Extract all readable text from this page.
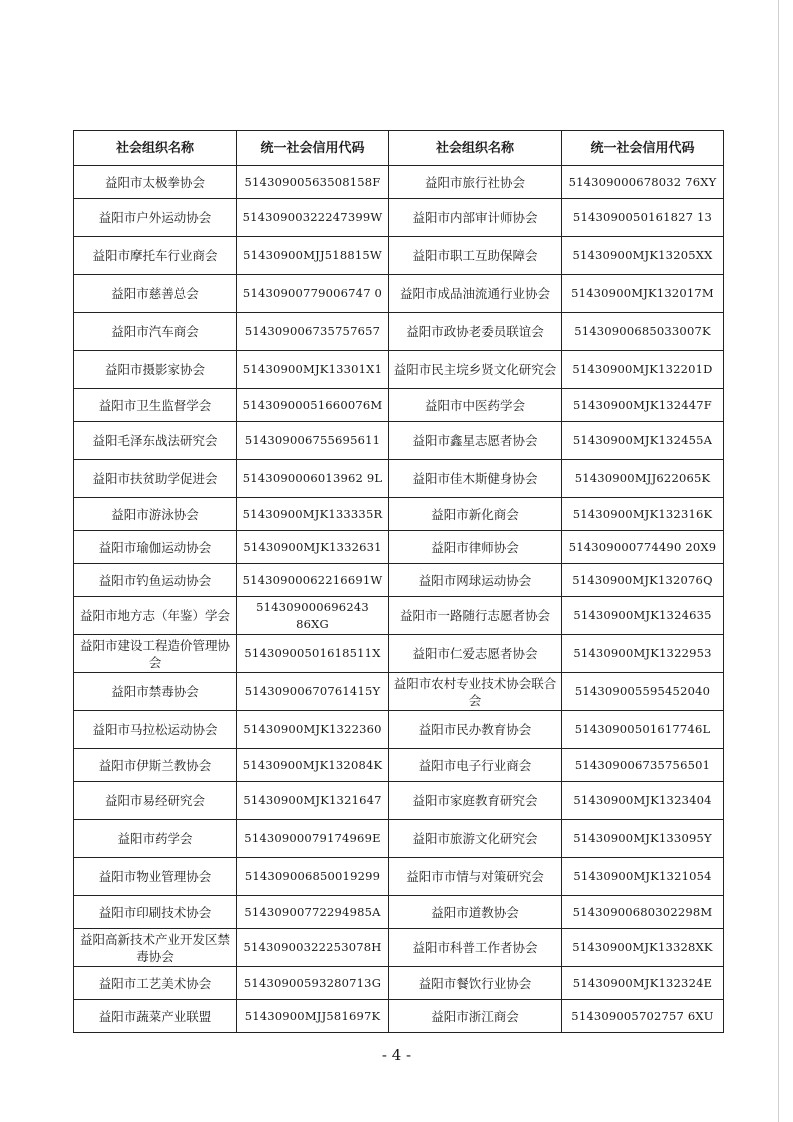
社会组织名称	统一社会信用代码	社会组织名称	统一社会信用代码
益阳市太极拳协会	51430900563508158F	益阳市旅行社协会	514309000678032 76XY
益阳市户外运动协会	51430900322247399W	益阳市内部审计师协会	5143090050161827 13
益阳市摩托车行业商会	51430900MJJ518815W	益阳市职工互助保障会	51430900MJK13205XX
益阳市慈善总会	51430900779006747 0	益阳市成品油流通行业协会	51430900MJK132017M
益阳市汽车商会	514309006735757657	益阳市政协老委员联谊会	51430900685033007K
益阳市摄影家协会	51430900MJK13301X1	益阳市民主垸乡贤文化研究会	51430900MJK132201D
益阳市卫生监督学会	51430900051660076M	益阳市中医药学会	51430900MJK132447F
益阳毛泽东战法研究会	514309006755695611	益阳市鑫星志愿者协会	51430900MJK132455A
益阳市扶贫助学促进会	5143090006013962 9L	益阳市佳木斯健身协会	51430900MJJ622065K
益阳市游泳协会	51430900MJK133335R	益阳市新化商会	51430900MJK132316K
益阳市瑜伽运动协会	51430900MJK1332631	益阳市律师协会	514309000774490 20X9
益阳市钓鱼运动协会	51430900062216691W	益阳市网球运动协会	51430900MJK132076Q
益阳市地方志（年鉴）学会	514309000696243 86XG	益阳市一路随行志愿者协会	51430900MJK1324635
益阳市建设工程造价管理协会	51430900501618511X	益阳市仁爱志愿者协会	51430900MJK1322953
益阳市禁毒协会	51430900670761415Y	益阳市农村专业技术协会联合会	514309005595452040
益阳市马拉松运动协会	51430900MJK1322360	益阳市民办教育协会	51430900501617746L
益阳市伊斯兰教协会	51430900MJK132084K	益阳市电子行业商会	514309006735756501
益阳市易经研究会	51430900MJK1321647	益阳市家庭教育研究会	51430900MJK1323404
益阳市药学会	51430900079174969E	益阳市旅游文化研究会	51430900MJK133095Y
益阳市物业管理协会	514309006850019299	益阳市市情与对策研究会	51430900MJK1321054
益阳市印刷技术协会	51430900772294985A	益阳市道教协会	51430900680302298M
益阳高新技术产业开发区禁毒协会	51430900322253078H	益阳市科普工作者协会	51430900MJK13328XK
益阳市工艺美术协会	51430900593280713G	益阳市餐饮行业协会	51430900MJK132324E
益阳市蔬菜产业联盟	51430900MJJ581697K	益阳市浙江商会	514309005702757 6XU
- 4 -
